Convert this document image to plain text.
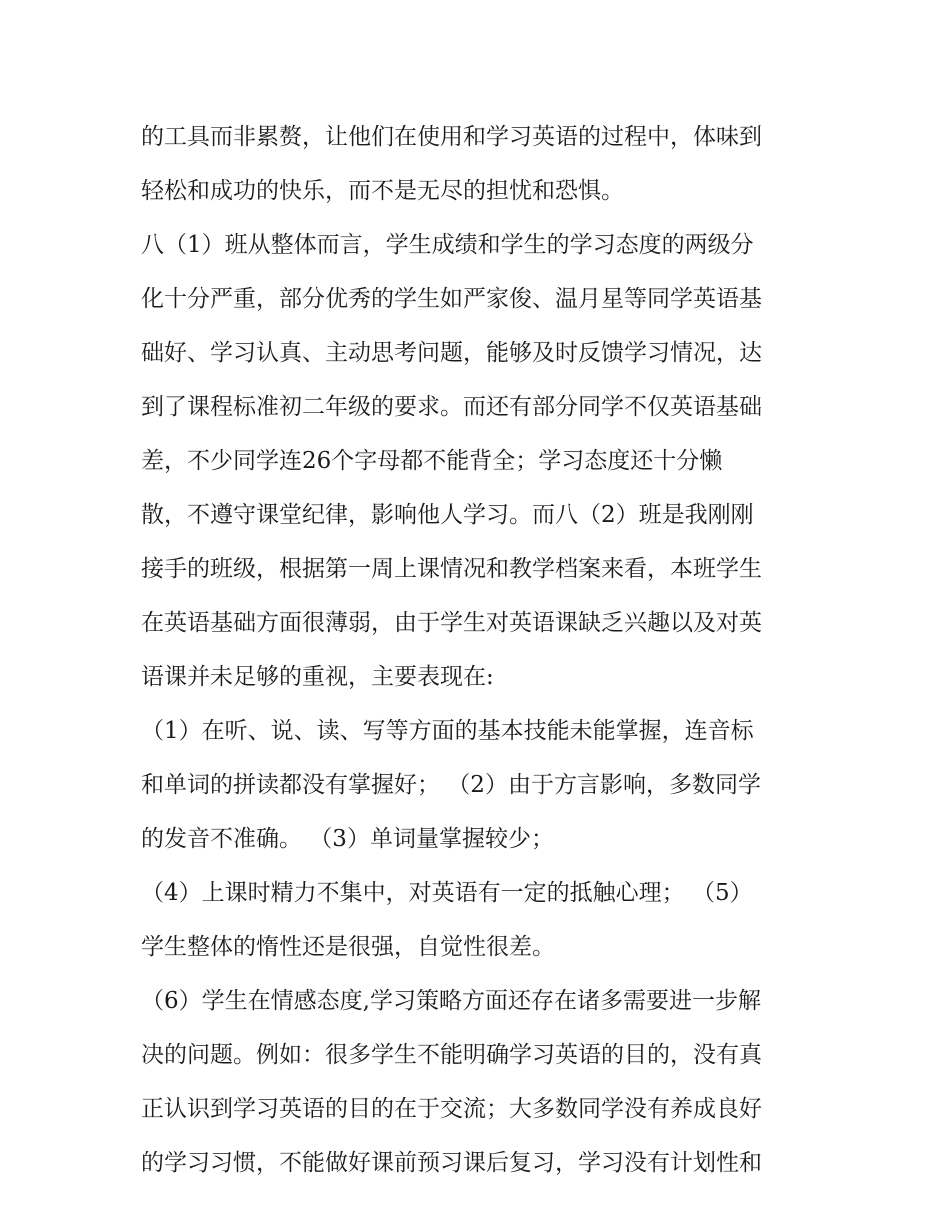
的工具而非累赘，让他们在使用和学习英语的过程中，体味到
轻松和成功的快乐，而不是无尽的担忧和恐惧。
八（1）班从整体而言，学生成绩和学生的学习态度的两级分
化十分严重，部分优秀的学生如严家俊、温月星等同学英语基
础好、学习认真、主动思考问题，能够及时反馈学习情况，达
到了课程标准初二年级的要求。而还有部分同学不仅英语基础
差，不少同学连26个字母都不能背全；学习态度还十分懒
散，不遵守课堂纪律，影响他人学习。而八（2）班是我刚刚
接手的班级，根据第一周上课情况和教学档案来看，本班学生
在英语基础方面很薄弱，由于学生对英语课缺乏兴趣以及对英
语课并未足够的重视，主要表现在:
（1）在听、说、读、写等方面的基本技能未能掌握，连音标
和单词的拼读都没有掌握好； （2）由于方言影响，多数同学
的发音不准确。 （3）单词量掌握较少；
（4）上课时精力不集中，对英语有一定的抵触心理； （5）
学生整体的惰性还是很强，自觉性很差。
（6）学生在情感态度,学习策略方面还存在诸多需要进一步解
决的问题。例如：很多学生不能明确学习英语的目的，没有真
正认识到学习英语的目的在于交流；大多数同学没有养成良好
的学习习惯，不能做好课前预习课后复习，学习没有计划性和
